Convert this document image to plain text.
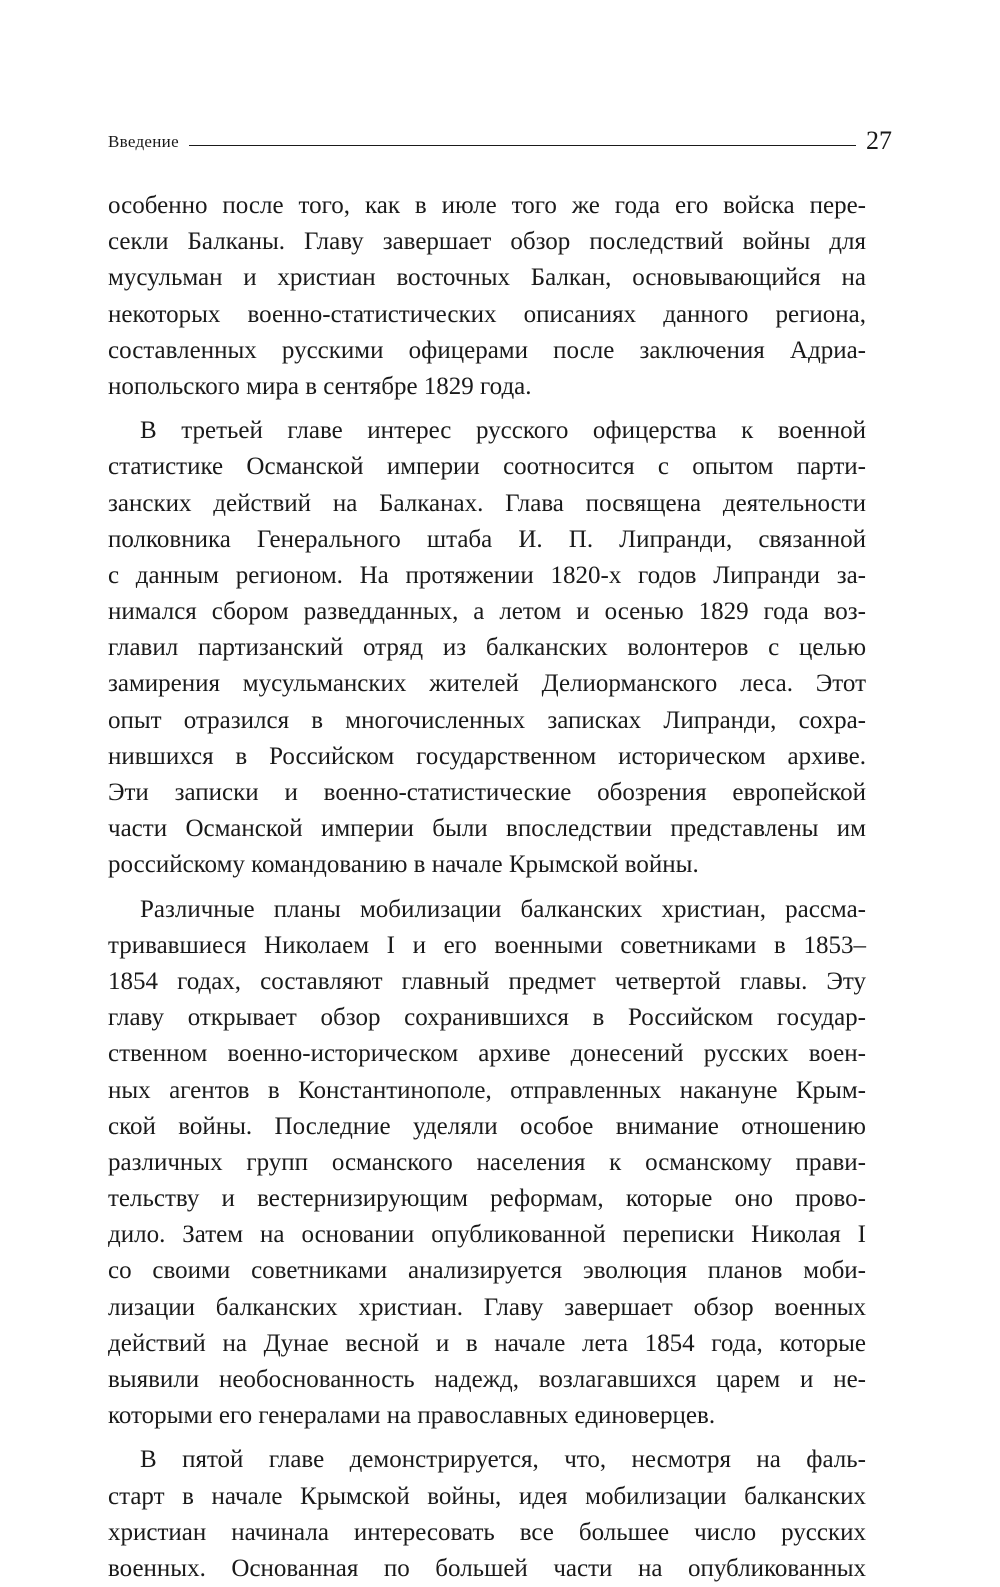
Введение	27
особенно после того, как в июле того же года его войска пере-
секли Балканы. Главу завершает обзор последствий войны для
мусульман и христиан восточных Балкан, основывающийся на
некоторых военно-статистических описаниях данного региона,
составленных русскими офицерами после заключения Адриа-
нопольского мира в сентябре 1829 года.
В третьей главе интерес русского офицерства к военной
статистике Османской империи соотносится с опытом парти-
занских действий на Балканах. Глава посвящена деятельности
полковника Генерального штаба И. П. Липранди, связанной
с данным регионом. На протяжении 1820-х годов Липранди за-
нимался сбором разведданных, а летом и осенью 1829 года воз-
главил партизанский отряд из балканских волонтеров с целью
замирения мусульманских жителей Делиорманского леса. Этот
опыт отразился в многочисленных записках Липранди, сохра-
нившихся в Российском государственном историческом архиве.
Эти записки и военно-статистические обозрения европейской
части Османской империи были впоследствии представлены им
российскому командованию в начале Крымской войны.
Различные планы мобилизации балканских христиан, рассма-
тривавшиеся Николаем I и его военными советниками в 1853–
1854 годах, составляют главный предмет четвертой главы. Эту
главу открывает обзор сохранившихся в Российском государ-
ственном военно-историческом архиве донесений русских воен-
ных агентов в Константинополе, отправленных накануне Крым-
ской войны. Последние уделяли особое внимание отношению
различных групп османского населения к османскому прави-
тельству и вестернизирующим реформам, которые оно прово-
дило. Затем на основании опубликованной переписки Николая I
со своими советниками анализируется эволюция планов моби-
лизации балканских христиан. Главу завершает обзор военных
действий на Дунае весной и в начале лета 1854 года, которые
выявили необоснованность надежд, возлагавшихся царем и не-
которыми его генералами на православных единоверцев.
В пятой главе демонстрируется, что, несмотря на фаль-
старт в начале Крымской войны, идея мобилизации балканских
христиан начинала интересовать все большее число русских
военных. Основанная по большей части на опубликованных
